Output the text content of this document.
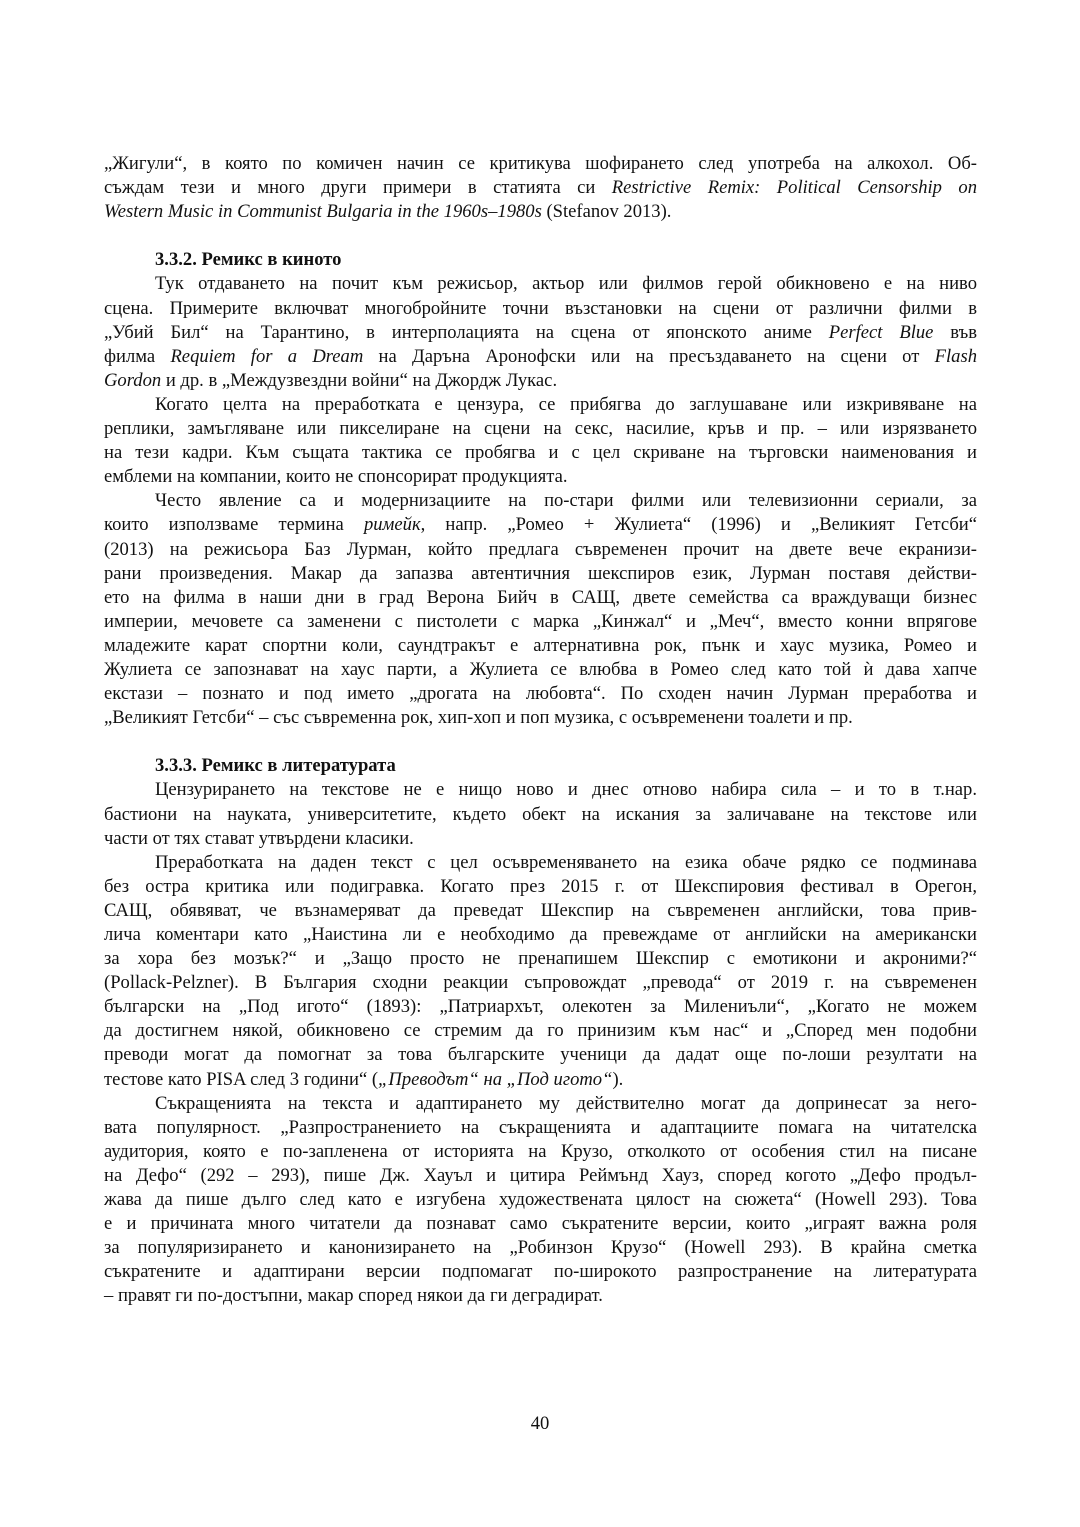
„Жигули“, в която по комичен начин се критикува шофирането след употреба на алкохол. Об-
съждам тези и много други примери в статията си Restrictive Remix: Political Censorship on
Western Music in Communist Bulgaria in the 1960s–1980s (Stefanov 2013).
3.3.2. Ремикс в киното
Тук отдаването на почит към режисьор, актьор или филмов герой обикновено е на ниво
сцена. Примерите включват многобройните точни възстановки на сцени от различни филми в
„Убий Бил“ на Тарантино, в интерполацията на сцена от японското аниме Perfect Blue във
филма Requiem for a Dream на Даръна Аронофски или на пресъздаването на сцени от Flash
Gordon и др. в „Междузвездни войни“ на Джордж Лукас.
Когато целта на преработката е цензура, се прибягва до заглушаване или изкривяване на
реплики, замъгляване или пикселиране на сцени на секс, насилие, кръв и пр. – или изрязването
на тези кадри. Към същата тактика се пробягва и с цел скриване на търговски наименования и
емблеми на компании, които не спонсорират продукцията.
Често явление са и модернизациите на по-стари филми или телевизионни сериали, за
които използваме термина римейк, напр. „Ромео + Жулиета“ (1996) и „Великият Гетсби“
(2013) на режисьора Баз Лурман, който предлага съвременен прочит на двете вече екранизи-
рани произведения. Макар да запазва автентичния шекспиров език, Лурман поставя действи-
ето на филма в наши дни в град Верона Бийч в САЩ, двете семейства са враждуващи бизнес
империи, мечовете са заменени с пистолети с марка „Кинжал“ и „Меч“, вместо конни впрягове
младежите карат спортни коли, саундтракът е алтернативна рок, пънк и хаус музика, Ромео и
Жулиета се запознават на хаус парти, а Жулиета се влюбва в Ромео след като той ѝ дава хапче
екстази – познато и под името „дрогата на любовта“. По сходен начин Лурман преработва и
„Великият Гетсби“ – със съвременна рок, хип-хоп и поп музика, с осъвременени тоалети и пр.
3.3.3. Ремикс в литературата
Цензурирането на текстове не е нищо ново и днес отново набира сила – и то в т.нар.
бастиони на науката, университетите, където обект на искания за заличаване на текстове или
части от тях стават утвърдени класики.
Преработката на даден текст с цел осъвременяването на езика обаче рядко се подминава
без остра критика или подигравка. Когато през 2015 г. от Шекспировия фестивал в Орегон,
САЩ, обявяват, че възнамеряват да преведат Шекспир на съвременен английски, това прив-
лича коментари като „Наистина ли е необходимо да превеждаме от английски на американски
за хора без мозък?“ и „Защо просто не пренапишем Шекспир с емотикони и акроними?“
(Pollack-Pelzner). В България сходни реакции съпровождат „превода“ от 2019 г. на съвременен
български на „Под игото“ (1893): „Патриархът, олекотен за Милениъли“, „Когато не можем
да достигнем някой, обикновено се стремим да го принизим към нас“ и „Според мен подобни
преводи могат да помогнат за това българските ученици да дадат още по-лоши резултати на
тестове като PISA след 3 години“ („Преводът“ на „Под игото“).
Съкращенията на текста и адаптирането му действително могат да допринесат за него-
вата популярност. „Разпространението на съкращенията и адаптациите помага на читателска
аудитория, която е по-запленена от историята на Крузо, отколкото от особения стил на писане
на Дефо“ (292 – 293), пише Дж. Хауъл и цитира Реймънд Хауз, според когото „Дефо продъл-
жава да пише дълго след като е изгубена художествената цялост на сюжета“ (Howell 293). Това
е и причината много читатели да познават само съкратените версии, които „играят важна роля
за популяризирането и канонизирането на „Робинзон Крузо“ (Howell 293). В крайна сметка
съкратените и адаптирани версии подпомагат по-широкото разпространение на литературата
– правят ги по-достъпни, макар според някои да ги деградират.
40
